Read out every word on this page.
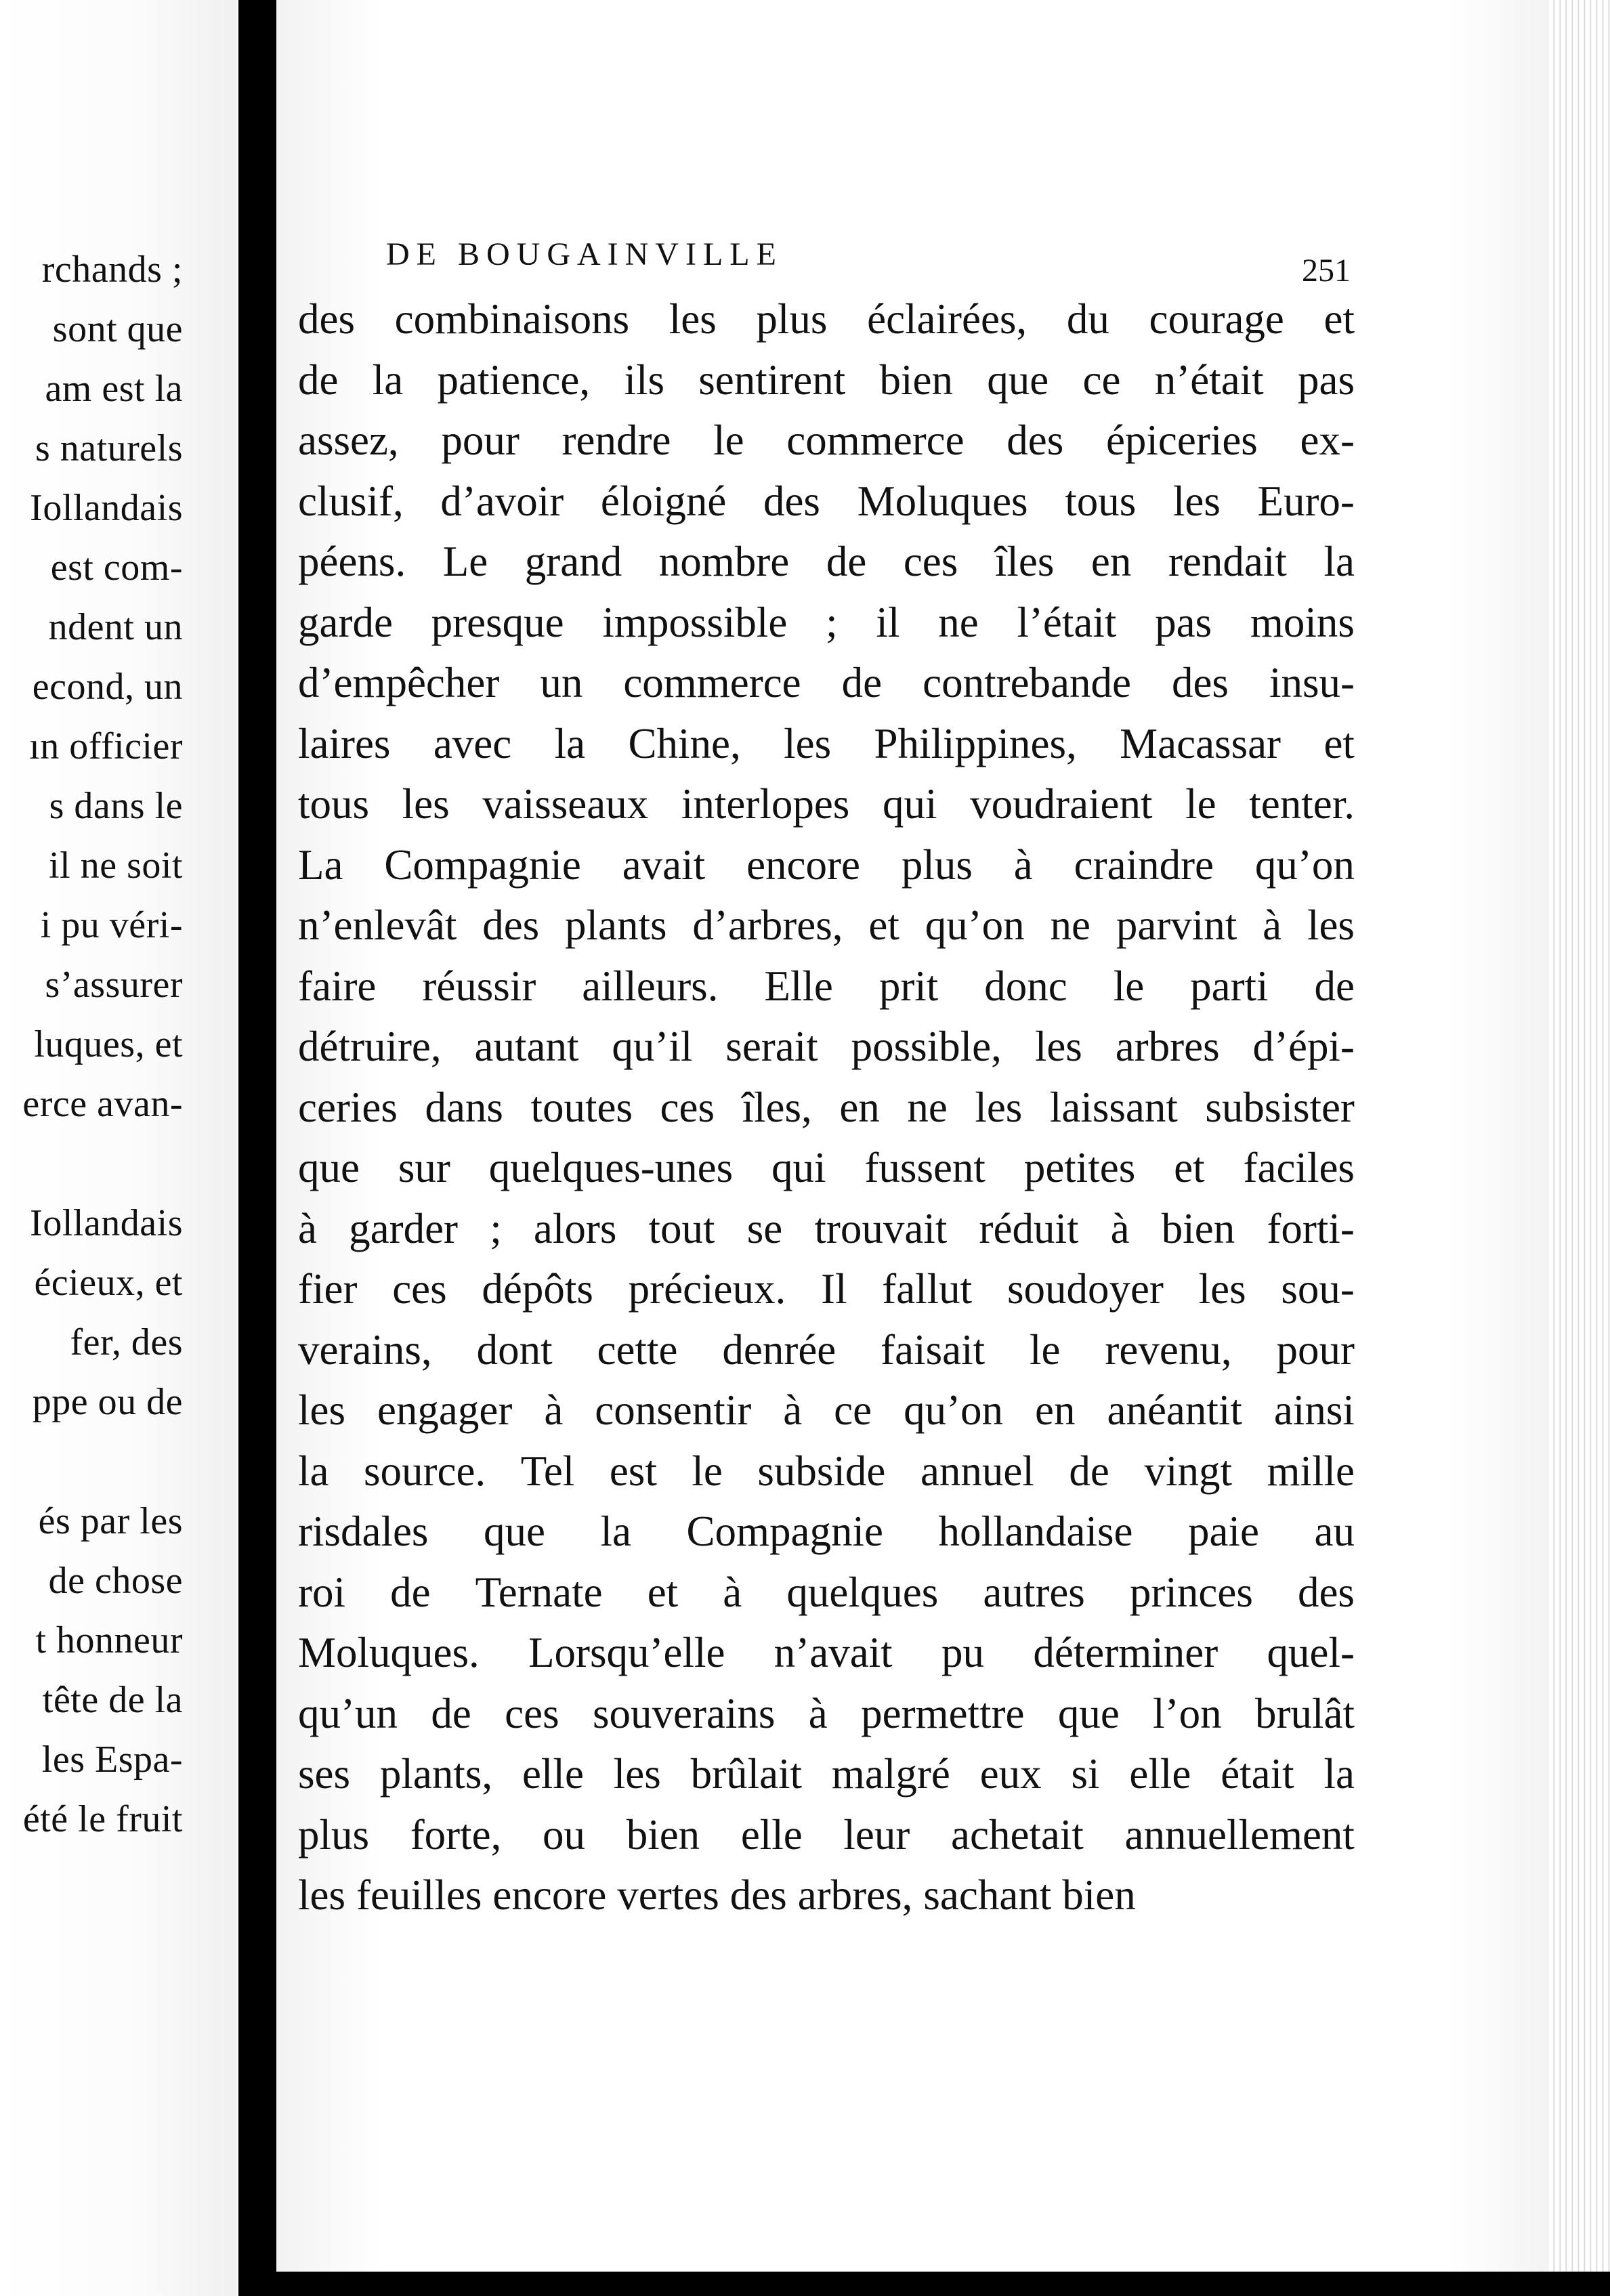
rchands ;
sont que
am est la
s naturels
Iollandais
est com-
ndent un
econd, un
ın officier
s dans le
il ne soit
i pu véri-
s’assurer
luques, et
erce avan-
Iollandais
écieux, et
fer, des
ppe ou de
és par les
de chose
t honneur
tête de la
les Espa-
été le fruit
DE BOUGAINVILLE	251
des combinaisons les plus éclairées, du courage et
de la patience, ils sentirent bien que ce n’était pas
assez, pour rendre le commerce des épiceries ex-
clusif, d’avoir éloigné des Moluques tous les Euro-
péens. Le grand nombre de ces îles en rendait la
garde presque impossible ; il ne l’était pas moins
d’empêcher un commerce de contrebande des insu-
laires avec la Chine, les Philippines, Macassar et
tous les vaisseaux interlopes qui voudraient le tenter.
La Compagnie avait encore plus à craindre qu’on
n’enlevât des plants d’arbres, et qu’on ne parvint à les
faire réussir ailleurs. Elle prit donc le parti de
détruire, autant qu’il serait possible, les arbres d’épi-
ceries dans toutes ces îles, en ne les laissant subsister
que sur quelques-unes qui fussent petites et faciles
à garder ; alors tout se trouvait réduit à bien forti-
fier ces dépôts précieux. Il fallut soudoyer les sou-
verains, dont cette denrée faisait le revenu, pour
les engager à consentir à ce qu’on en anéantit ainsi
la source. Tel est le subside annuel de vingt mille
risdales que la Compagnie hollandaise paie au
roi de Ternate et à quelques autres princes des
Moluques. Lorsqu’elle n’avait pu déterminer quel-
qu’un de ces souverains à permettre que l’on brulât
ses plants, elle les brûlait malgré eux si elle était la
plus forte, ou bien elle leur achetait annuellement
les feuilles encore vertes des arbres, sachant bien
